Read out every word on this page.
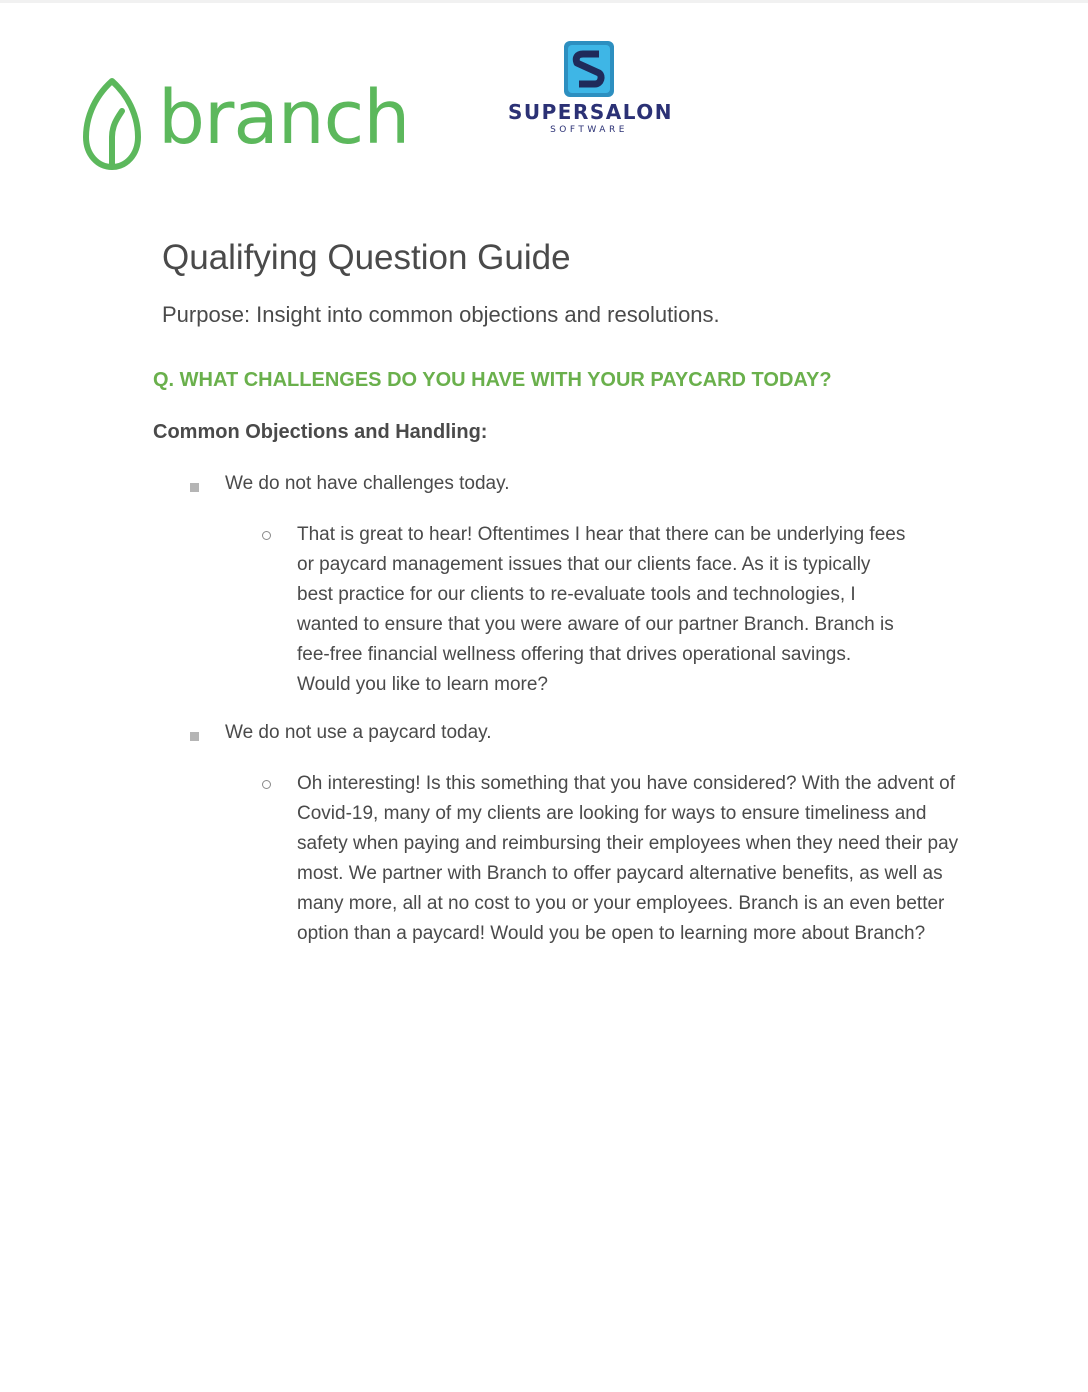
branch	SUPERSALON
SOFTWARE
Qualifying Question Guide
Purpose: Insight into common objections and resolutions.
Q. WHAT CHALLENGES DO YOU HAVE WITH YOUR PAYCARD TODAY?
Common Objections and Handling:
We do not have challenges today.
That is great to hear! Oftentimes I hear that there can be underlying fees
or paycard management issues that our clients face. As it is typically
best practice for our clients to re-evaluate tools and technologies, I
wanted to ensure that you were aware of our partner Branch. Branch is
fee-free financial wellness offering that drives operational savings.
Would you like to learn more?
We do not use a paycard today.
Oh interesting! Is this something that you have considered? With the advent of
Covid-19, many of my clients are looking for ways to ensure timeliness and
safety when paying and reimbursing their employees when they need their pay
most. We partner with Branch to offer paycard alternative benefits, as well as
many more, all at no cost to you or your employees. Branch is an even better
option than a paycard! Would you be open to learning more about Branch?
